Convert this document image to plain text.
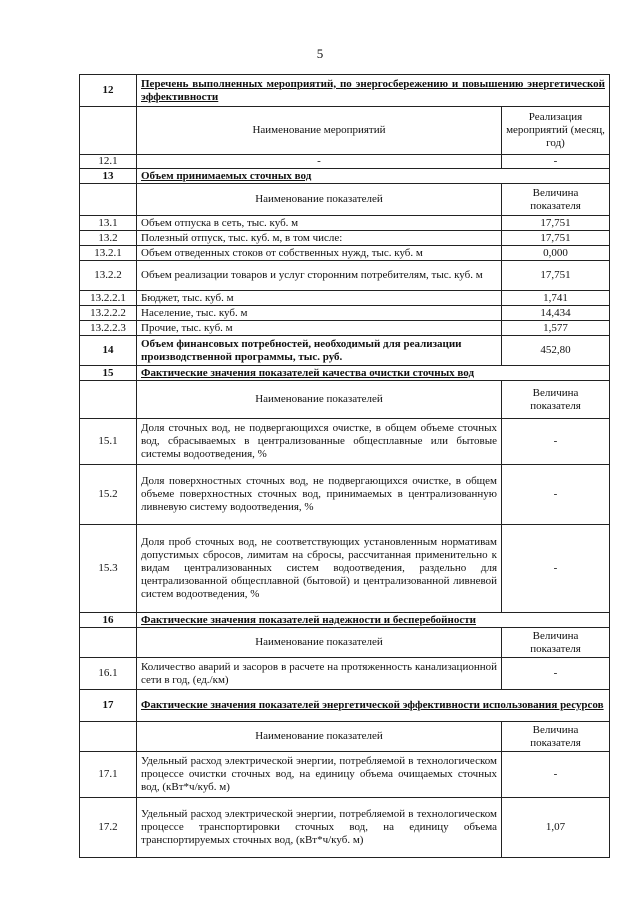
5
12	Перечень выполненных мероприятий, по энергосбережению и повышению энергетической эффективности	
	Наименование мероприятий	Реализация мероприятий (месяц, год)
12.1	-	-
13	Объем принимаемых сточных вод	
	Наименование показателей	Величина показателя
13.1	Объем отпуска в сеть, тыс. куб. м	17,751
13.2	Полезный отпуск, тыс. куб. м, в том числе:	17,751
13.2.1	Объем отведенных стоков от собственных нужд, тыс. куб. м	0,000
13.2.2	Объем реализации товаров и услуг сторонним потребителям, тыс. куб. м	17,751
13.2.2.1	Бюджет, тыс. куб. м	1,741
13.2.2.2	Население, тыс. куб. м	14,434
13.2.2.3	Прочие, тыс. куб. м	1,577
14	Объем финансовых потребностей, необходимый для реализации производственной программы, тыс. руб.	452,80
15	Фактические значения показателей качества очистки сточных вод	
	Наименование показателей	Величина показателя
15.1	Доля сточных вод, не подвергающихся очистке, в общем объеме сточных вод, сбрасываемых в централизованные общесплавные или бытовые системы водоотведения, %	-
15.2	Доля поверхностных сточных вод, не подвергающихся очистке, в общем объеме поверхностных сточных вод, принимаемых в централизованную ливневую систему водоотведения, %	-
15.3	Доля проб сточных вод, не соответствующих установленным нормативам допустимых сбросов, лимитам на сбросы, рассчитанная применительно к видам централизованных систем водоотведения, раздельно для централизованной общесплавной (бытовой) и централизованной ливневой систем водоотведения, %	-
16	Фактические значения показателей надежности и бесперебойности	
	Наименование показателей	Величина показателя
16.1	Количество аварий и засоров в расчете на протяженность канализационной сети в год, (ед./км)	-
17	Фактические значения показателей энергетической эффективности использования ресурсов	
	Наименование показателей	Величина показателя
17.1	Удельный расход электрической энергии, потребляемой в технологическом процессе очистки сточных вод, на единицу объема очищаемых сточных вод, (кВт*ч/куб. м)	-
17.2	Удельный расход электрической энергии, потребляемой в технологическом процессе транспортировки сточных вод, на единицу объема транспортируемых сточных вод, (кВт*ч/куб. м)	1,07
